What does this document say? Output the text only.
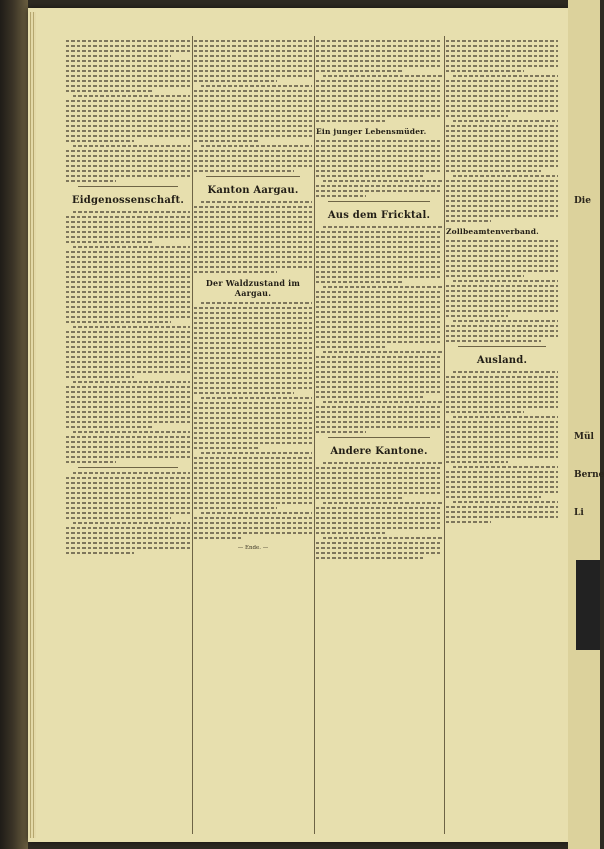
Eidgenossenschaft.
Kanton Aargau.
Der Waldzustand im Aargau.
— Ende. —
Ein junger Lebensmüder.
Aus dem Fricktal.
Andere Kantone.
Zollbeamtenverband.
Ausland.
Die
Mül
Berne
Li
